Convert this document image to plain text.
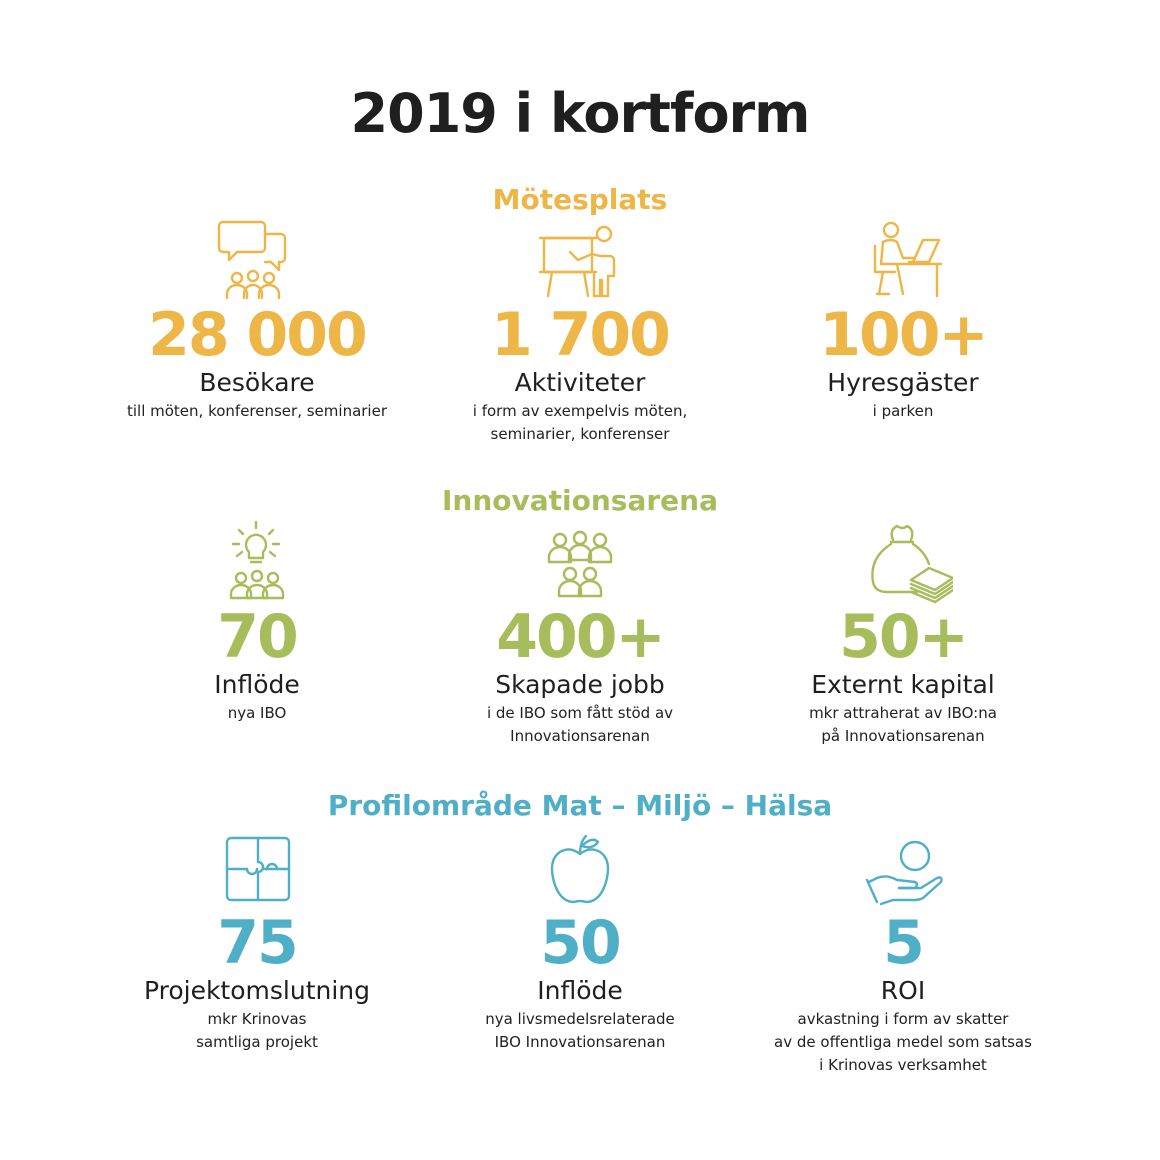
2019 i kortform
Mötesplats
28 000
Besökare
till möten, konferenser, seminarier
1 700
Aktiviteter
i form av exempelvis möten,
seminarier, konferenser
100+
Hyresgäster
i parken
Innovationsarena
70
Inflöde
nya IBO
400+
Skapade jobb
i de IBO som fått stöd av
Innovationsarenan
mkr
50+
Externt kapital
mkr attraherat av IBO:na
på Innovationsarenan
Profilområde Mat – Miljö – Hälsa
75
Projektomslutning
mkr Krinovas
samtliga projekt
50
Inflöde
nya livsmedelsrelaterade
IBO Innovationsarenan
kr
5
ROI
avkastning i form av skatter
av de offentliga medel som satsas
i Krinovas verksamhet
